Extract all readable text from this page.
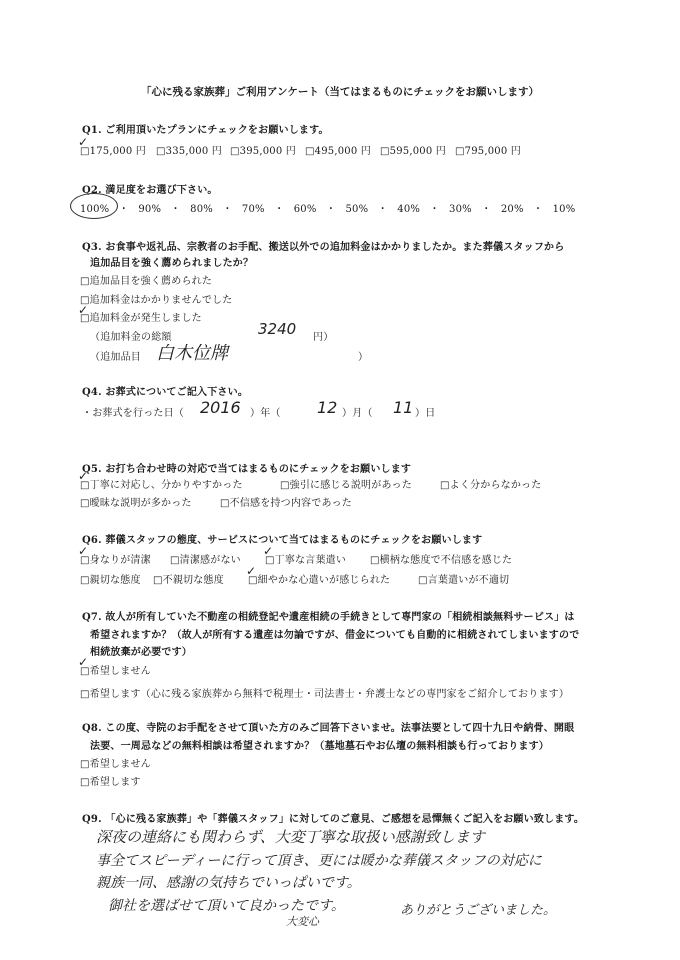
「心に残る家族葬」ご利用アンケート（当てはまるものにチェックをお願いします）
Q1. ご利用頂いたプランにチェックをお願いします。
□175,000 円 □335,000 円 □395,000 円 □495,000 円 □595,000 円 □795,000 円
✓
Q2. 満足度をお選び下さい。
100% ・ 90% ・ 80% ・ 70% ・ 60% ・ 50% ・ 40% ・ 30% ・ 20% ・ 10%
Q3. お食事や返礼品、宗教者のお手配、搬送以外での追加料金はかかりましたか。また葬儀スタッフから
追加品目を強く薦められましたか？
□追加品目を強く薦められた
□追加料金はかかりませんでした
□追加料金が発生しました
✓
（追加料金の総額	3240 円）
（追加品目 白木位牌	）
Q4. お葬式についてご記入下さい。
・お葬式を行った日（ 2016 ）年（ 12 ）月（ 11 ）日
Q5. お打ち合わせ時の対応で当てはまるものにチェックをお願いします
□丁寧に対応し、分かりやすかった	□強引に感じる説明があった	□よく分からなかった
□曖昧な説明が多かった	□不信感を持つ内容であった
✓
Q6. 葬儀スタッフの態度、サービスについて当てはまるものにチェックをお願いします
□身なりが清潔 □清潔感がない □丁寧な言葉遣い □横柄な態度で不信感を感じた
□親切な態度 □不親切な態度 □細やかな心遣いが感じられた	□言葉遣いが不適切
✓	✓
✓
Q7. 故人が所有していた不動産の相続登記や遺産相続の手続きとして専門家の「相続相談無料サービス」は
希望されますか？（故人が所有する遺産は勿論ですが、借金についても自動的に相続されてしまいますので
相続放棄が必要です）
□希望しません
□希望します（心に残る家族葬から無料で税理士・司法書士・弁護士などの専門家をご紹介しております）
✓
Q8. この度、寺院のお手配をさせて頂いた方のみご回答下さいませ。法事法要として四十九日や納骨、開眼
法要、一周忌などの無料相談は希望されますか？（墓地墓石やお仏壇の無料相談も行っております）
□希望しません
□希望します
Q9. 「心に残る家族葬」や「葬儀スタッフ」に対してのご意見、ご感想を忌憚無くご記入をお願い致します。
深夜の連絡にも関わらず、大変丁寧な取扱い感謝致します
事全てスピーディーに行って頂き、更には暖かな葬儀スタッフの対応に
親族一同、感謝の気持ちでいっぱいです。
御社を選ばせて頂いて良かったです。	ありがとうございました。
大変心
